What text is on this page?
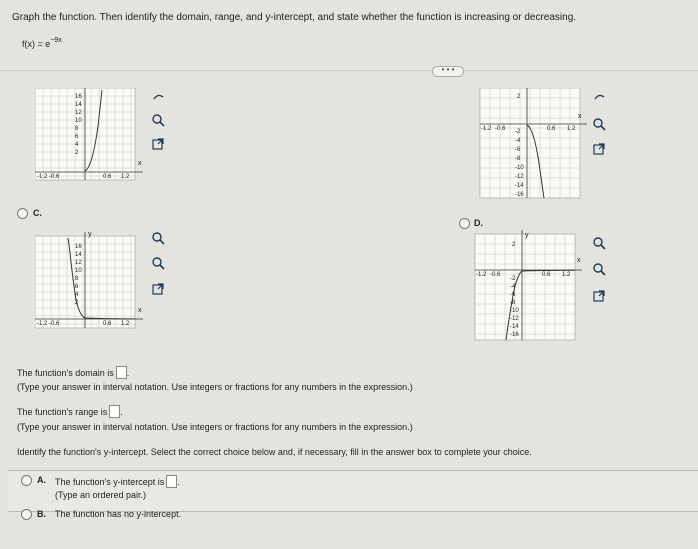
Graph the function. Then identify the domain, range, and y-intercept, and state whether the function is increasing or decreasing.
$f(x) = e^{-9x}$
• • •
x
16
14
12
10
8
6
4
2
-1.2 -0.6	0.6 1.2
x
2
-2
-4
-6
-8
-10
-12
-14
-16
-1.2 -0.6	0.6 1.2
C.
x
y
16
14
12
10
8
6
4
2
-1.2 -0.6	0.6 1.2
D.
x
y
2
-2
-4
-6
-8
-10
-12
-14
-16
-1.2 -0.6	0.6 1.2
The function's domain is .
(Type your answer in interval notation. Use integers or fractions for any numbers in the expression.)
The function's range is .
(Type your answer in interval notation. Use integers or fractions for any numbers in the expression.)
Identify the function's y-intercept. Select the correct choice below and, if necessary, fill in the answer box to complete your choice.
A. The function's y-intercept is .
(Type an ordered pair.)
B. The function has no y-intercept.
